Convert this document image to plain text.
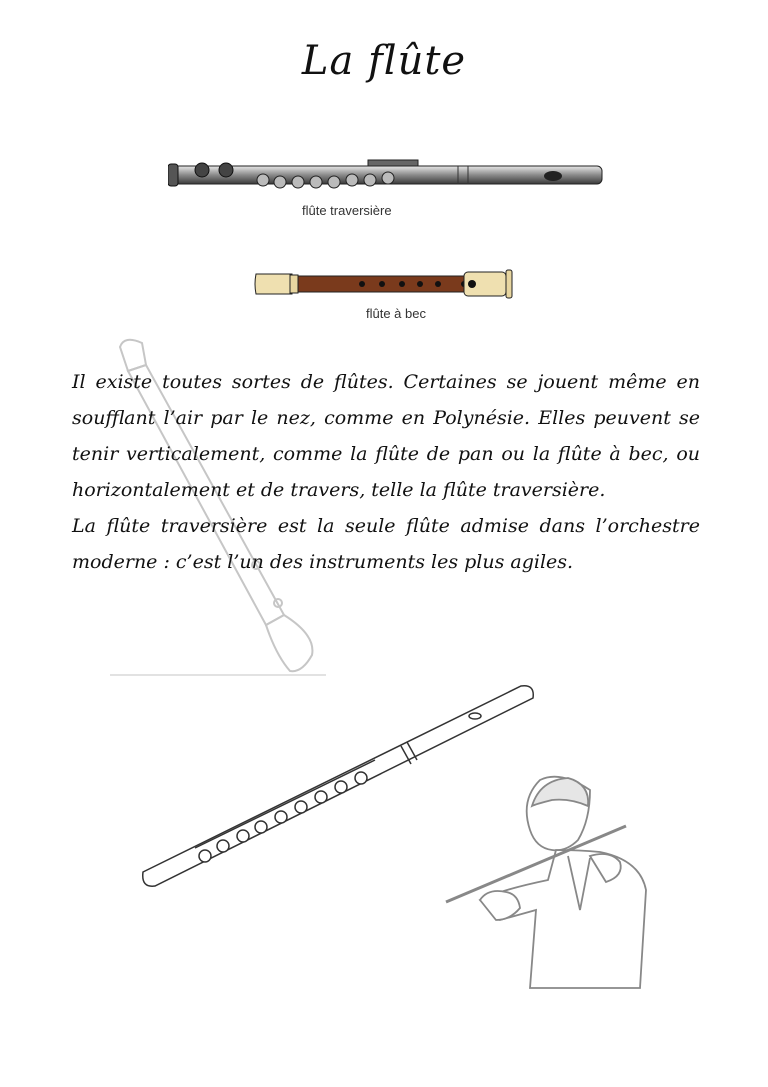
La flûte
flûte traversière
flûte à bec

Il existe toutes sortes de flûtes. Certaines se jouent même en soufflant l’air par le nez, comme en Polynésie. Elles peuvent se tenir verticalement, comme la flûte de pan ou la flûte à bec, ou horizontalement et de travers, telle la flûte traversière.

La flûte traversière est la seule flûte admise dans l’orchestre moderne : c’est l’un des instruments les plus agiles.
